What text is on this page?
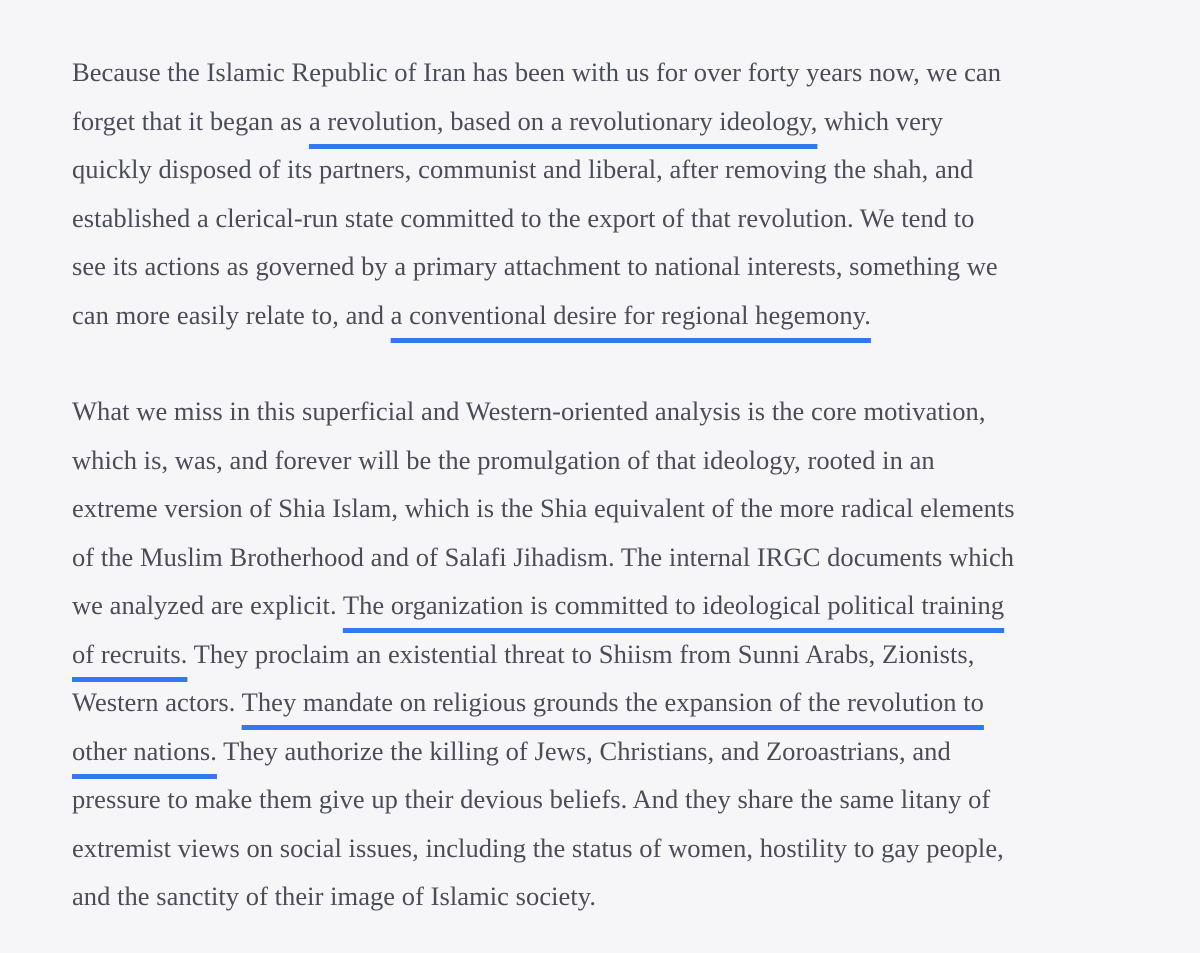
Because the Islamic Republic of Iran has been with us for over forty years now, we can
forget that it began as a revolution, based on a revolutionary ideology, which very
quickly disposed of its partners, communist and liberal, after removing the shah, and
established a clerical-run state committed to the export of that revolution. We tend to
see its actions as governed by a primary attachment to national interests, something we
can more easily relate to, and a conventional desire for regional hegemony.
What we miss in this superficial and Western-oriented analysis is the core motivation,
which is, was, and forever will be the promulgation of that ideology, rooted in an
extreme version of Shia Islam, which is the Shia equivalent of the more radical elements
of the Muslim Brotherhood and of Salafi Jihadism. The internal IRGC documents which
we analyzed are explicit. The organization is committed to ideological political training
of recruits. They proclaim an existential threat to Shiism from Sunni Arabs, Zionists,
Western actors. They mandate on religious grounds the expansion of the revolution to
other nations. They authorize the killing of Jews, Christians, and Zoroastrians, and
pressure to make them give up their devious beliefs. And they share the same litany of
extremist views on social issues, including the status of women, hostility to gay people,
and the sanctity of their image of Islamic society.
